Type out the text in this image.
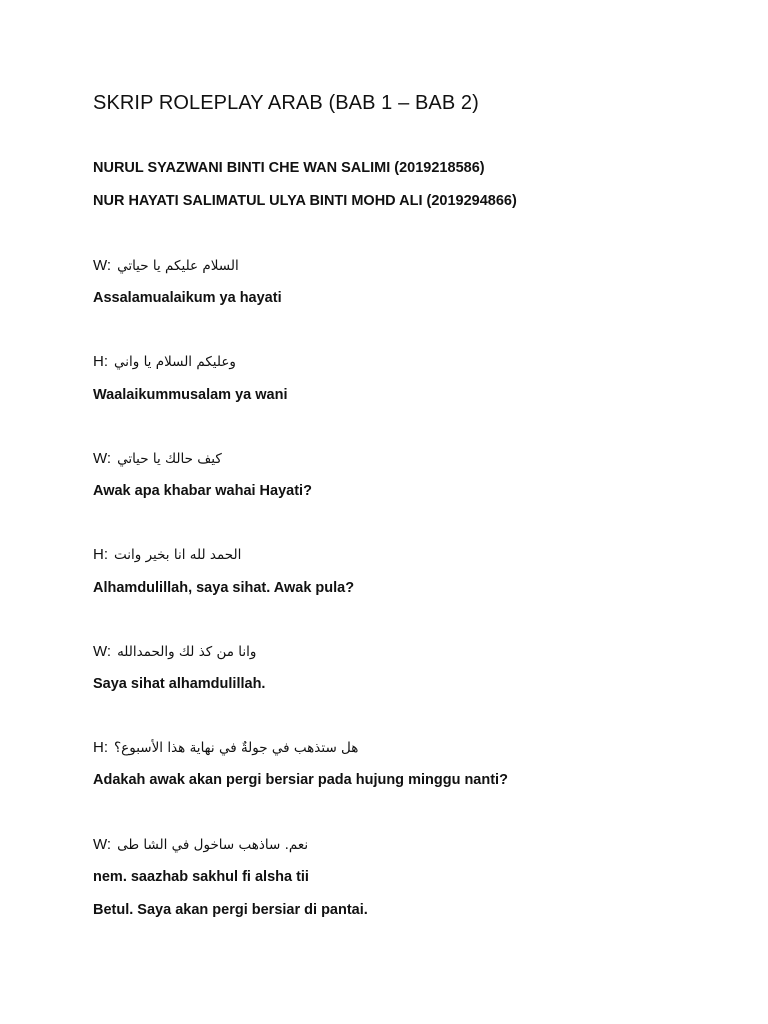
SKRIP ROLEPLAY ARAB (BAB 1 – BAB 2)
NURUL SYAZWANI BINTI CHE WAN SALIMI (2019218586)
NUR HAYATI SALIMATUL ULYA BINTI MOHD ALI (2019294866)
W: السلام عليكم يا حياتي
Assalamualaikum ya hayati
H: وعليكم السلام يا واني
Waalaikummusalam ya wani
W: كيف حالك يا حياتي
Awak apa khabar wahai Hayati?
H: الحمد لله انا بخير وانت
Alhamdulillah, saya sihat. Awak pula?
W: وانا من كذ لك والحمدالله
Saya sihat alhamdulillah.
H: هل ستذهب في جولةٌ في نهاية هذا الأسبوع؟
Adakah awak akan pergi bersiar pada hujung minggu nanti?
W: نعم. ساذهب ساخول في الشا طى
nem. saazhab sakhul fi alsha tii
Betul. Saya akan pergi bersiar di pantai.
